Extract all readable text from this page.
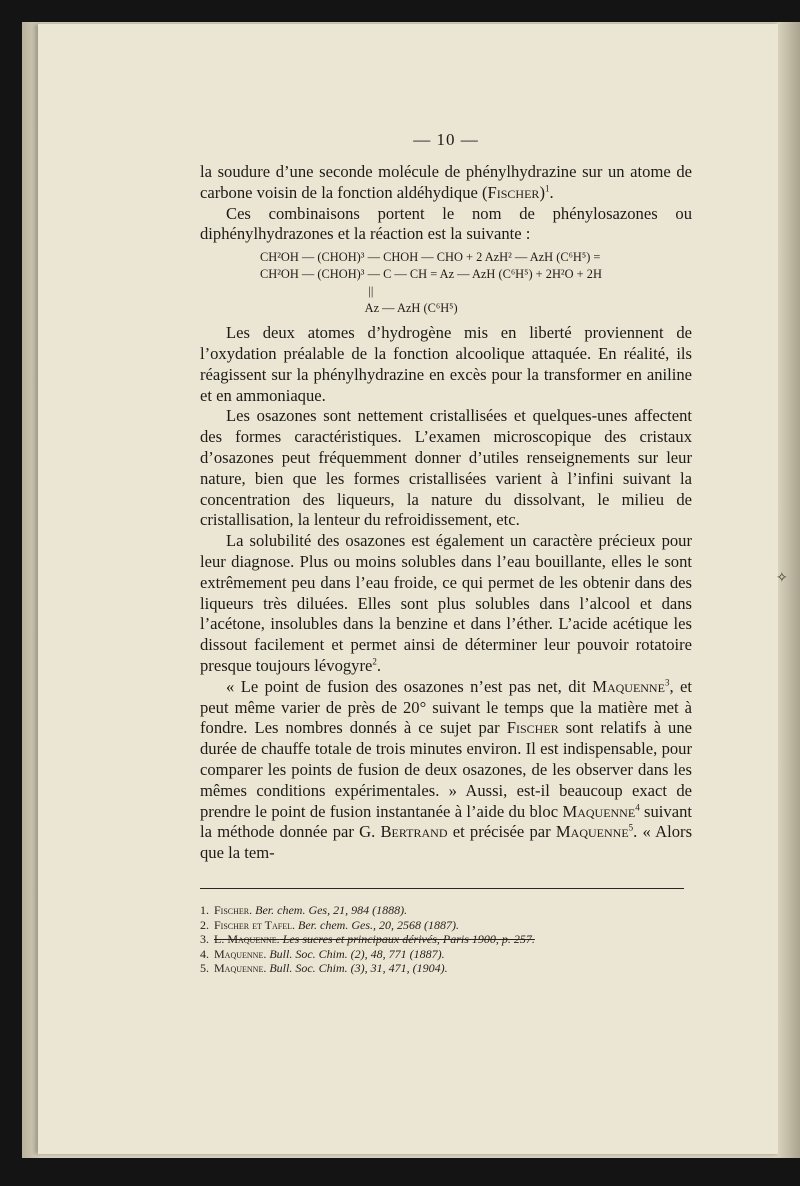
✧
— 10 —

la soudure d’une seconde molécule de phénylhydrazine sur un atome de carbone voisin de la fonction aldéhydique (Fischer)$^1$.

Ces combinaisons portent le nom de phénylosazones ou diphénylhydrazones et la réaction est la suivante :

CH²OH — (CHOH)³ — CHOH — CHO + 2 AzH² — AzH (C⁶H⁵) =
CH²OH — (CHOH)³ — C — CH = Az — AzH (C⁶H⁵) + 2H²O + 2H
||
Az — AzH (C⁶H⁵)

Les deux atomes d’hydrogène mis en liberté proviennent de l’oxydation préalable de la fonction alcoolique attaquée. En réalité, ils réagissent sur la phénylhydrazine en excès pour la transformer en aniline et en ammoniaque.

Les osazones sont nettement cristallisées et quelques-unes affectent des formes caractéristiques. L’examen microscopique des cristaux d’osazones peut fréquemment donner d’utiles renseignements sur leur nature, bien que les formes cristallisées varient à l’infini suivant la concentration des liqueurs, la nature du dissolvant, le milieu de cristallisation, la lenteur du refroidissement, etc.

La solubilité des osazones est également un caractère précieux pour leur diagnose. Plus ou moins solubles dans l’eau bouillante, elles le sont extrêmement peu dans l’eau froide, ce qui permet de les obtenir dans des liqueurs très diluées. Elles sont plus solubles dans l’alcool et dans l’acétone, insolubles dans la benzine et dans l’éther. L’acide acétique les dissout facilement et permet ainsi de déterminer leur pouvoir rotatoire presque toujours lévogyre$^2$.

« Le point de fusion des osazones n’est pas net, dit Maquenne$^3$, et peut même varier de près de 20° suivant le temps que la matière met à fondre. Les nombres donnés à ce sujet par Fischer sont relatifs à une durée de chauffe totale de trois minutes environ. Il est indispensable, pour comparer les points de fusion de deux osazones, de les observer dans les mêmes conditions expérimentales. » Aussi, est-il beaucoup exact de prendre le point de fusion instantanée à l’aide du bloc Maquenne$^4$ suivant la méthode donnée par G. Bertrand et précisée par Maquenne$^5$. « Alors que la tem-

1. Fischer. Ber. chem. Ges, 21, 984 (1888).
2. Fischer et Tafel. Ber. chem. Ges., 20, 2568 (1887).
3. L. Maquenne. Les sucres et principaux dérivés, Paris 1900, p. 257.
4. Maquenne. Bull. Soc. Chim. (2), 48, 771 (1887).
5. Maquenne. Bull. Soc. Chim. (3), 31, 471, (1904).
